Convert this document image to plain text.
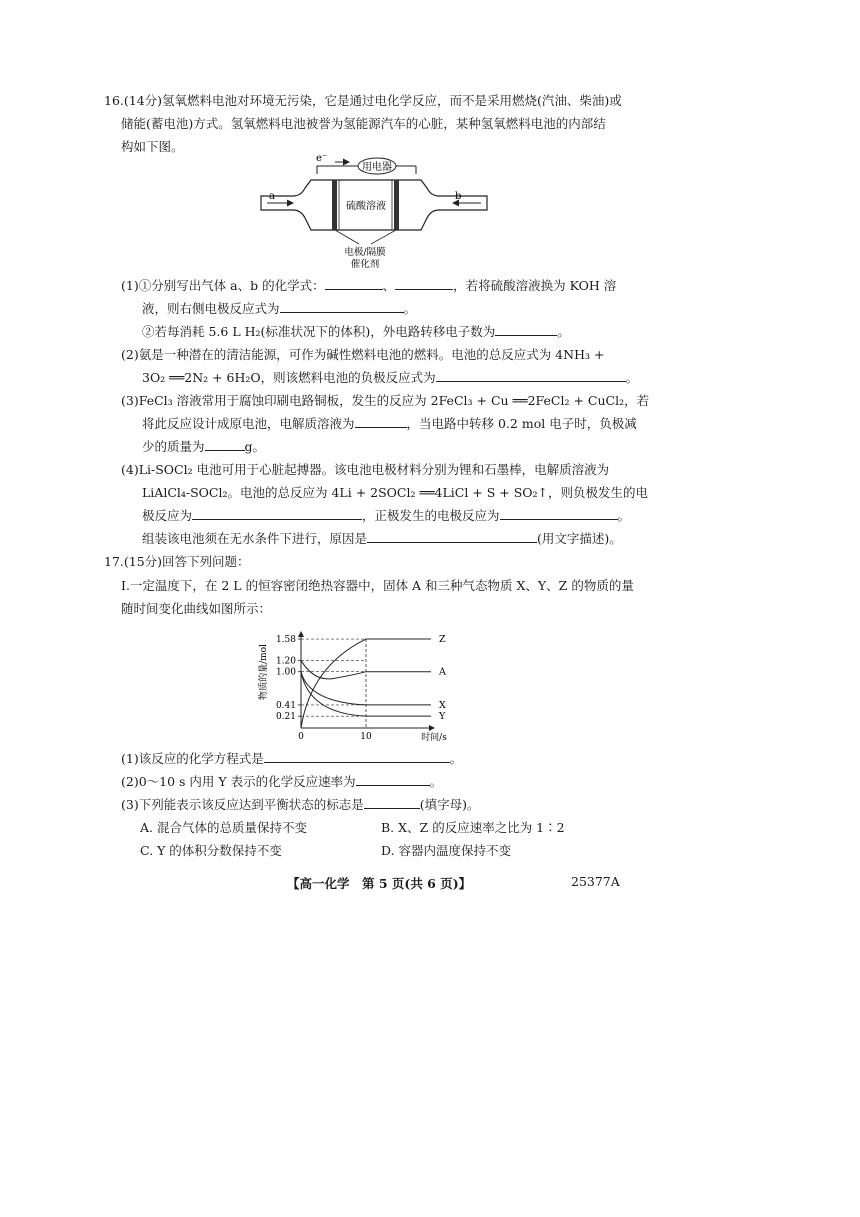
16.(14分)氢氧燃料电池对环境无污染，它是通过电化学反应，而不是采用燃烧(汽油、柴油)或
储能(蓄电池)方式。氢氧燃料电池被誉为氢能源汽车的心脏，某种氢氧燃料电池的内部结
构如下图。
e⁻
用电器
a	b
硫酸溶液
电极/隔膜
催化剂
(1)①分别写出气体 a、b 的化学式：	、	，若将硫酸溶液换为 KOH 溶
液，则右侧电极反应式为	。
②若每消耗 5.6 L H₂(标准状况下的体积)，外电路转移电子数为	。
(2)氨是一种潜在的清洁能源，可作为碱性燃料电池的燃料。电池的总反应式为 4NH₃ +
3O₂ ══2N₂ + 6H₂O，则该燃料电池的负极反应式为	。
(3)FeCl₃ 溶液常用于腐蚀印刷电路铜板，发生的反应为 2FeCl₃ + Cu ══2FeCl₂ + CuCl₂，若
将此反应设计成原电池，电解质溶液为	，当电路中转移 0.2 mol 电子时，负极减
少的质量为	g。
(4)Li-SOCl₂ 电池可用于心脏起搏器。该电池电极材料分别为锂和石墨棒，电解质溶液为
LiAlCl₄-SOCl₂。电池的总反应为 4Li + 2SOCl₂ ══4LiCl + S + SO₂↑，则负极发生的电
极反应为	，正极发生的电极反应为	。
组装该电池须在无水条件下进行，原因是	(用文字描述)。
17.(15分)回答下列问题：
Ⅰ.一定温度下，在 2 L 的恒容密闭绝热容器中，固体 A 和三种气态物质 X、Y、Z 的物质的量
随时间变化曲线如图所示：
1.58
1.20
1.00
0.41
0.21
0	10
Z
A
X
Y
物质的量/mol
时间/s
(1)该反应的化学方程式是	。
(2)0～10 s 内用 Y 表示的化学反应速率为	。
(3)下列能表示该反应达到平衡状态的标志是	(填字母)。
A. 混合气体的总质量保持不变	B. X、Z 的反应速率之比为 1∶2
C. Y 的体积分数保持不变	D. 容器内温度保持不变
【高一化学　第 5 页(共 6 页)】	25377A
